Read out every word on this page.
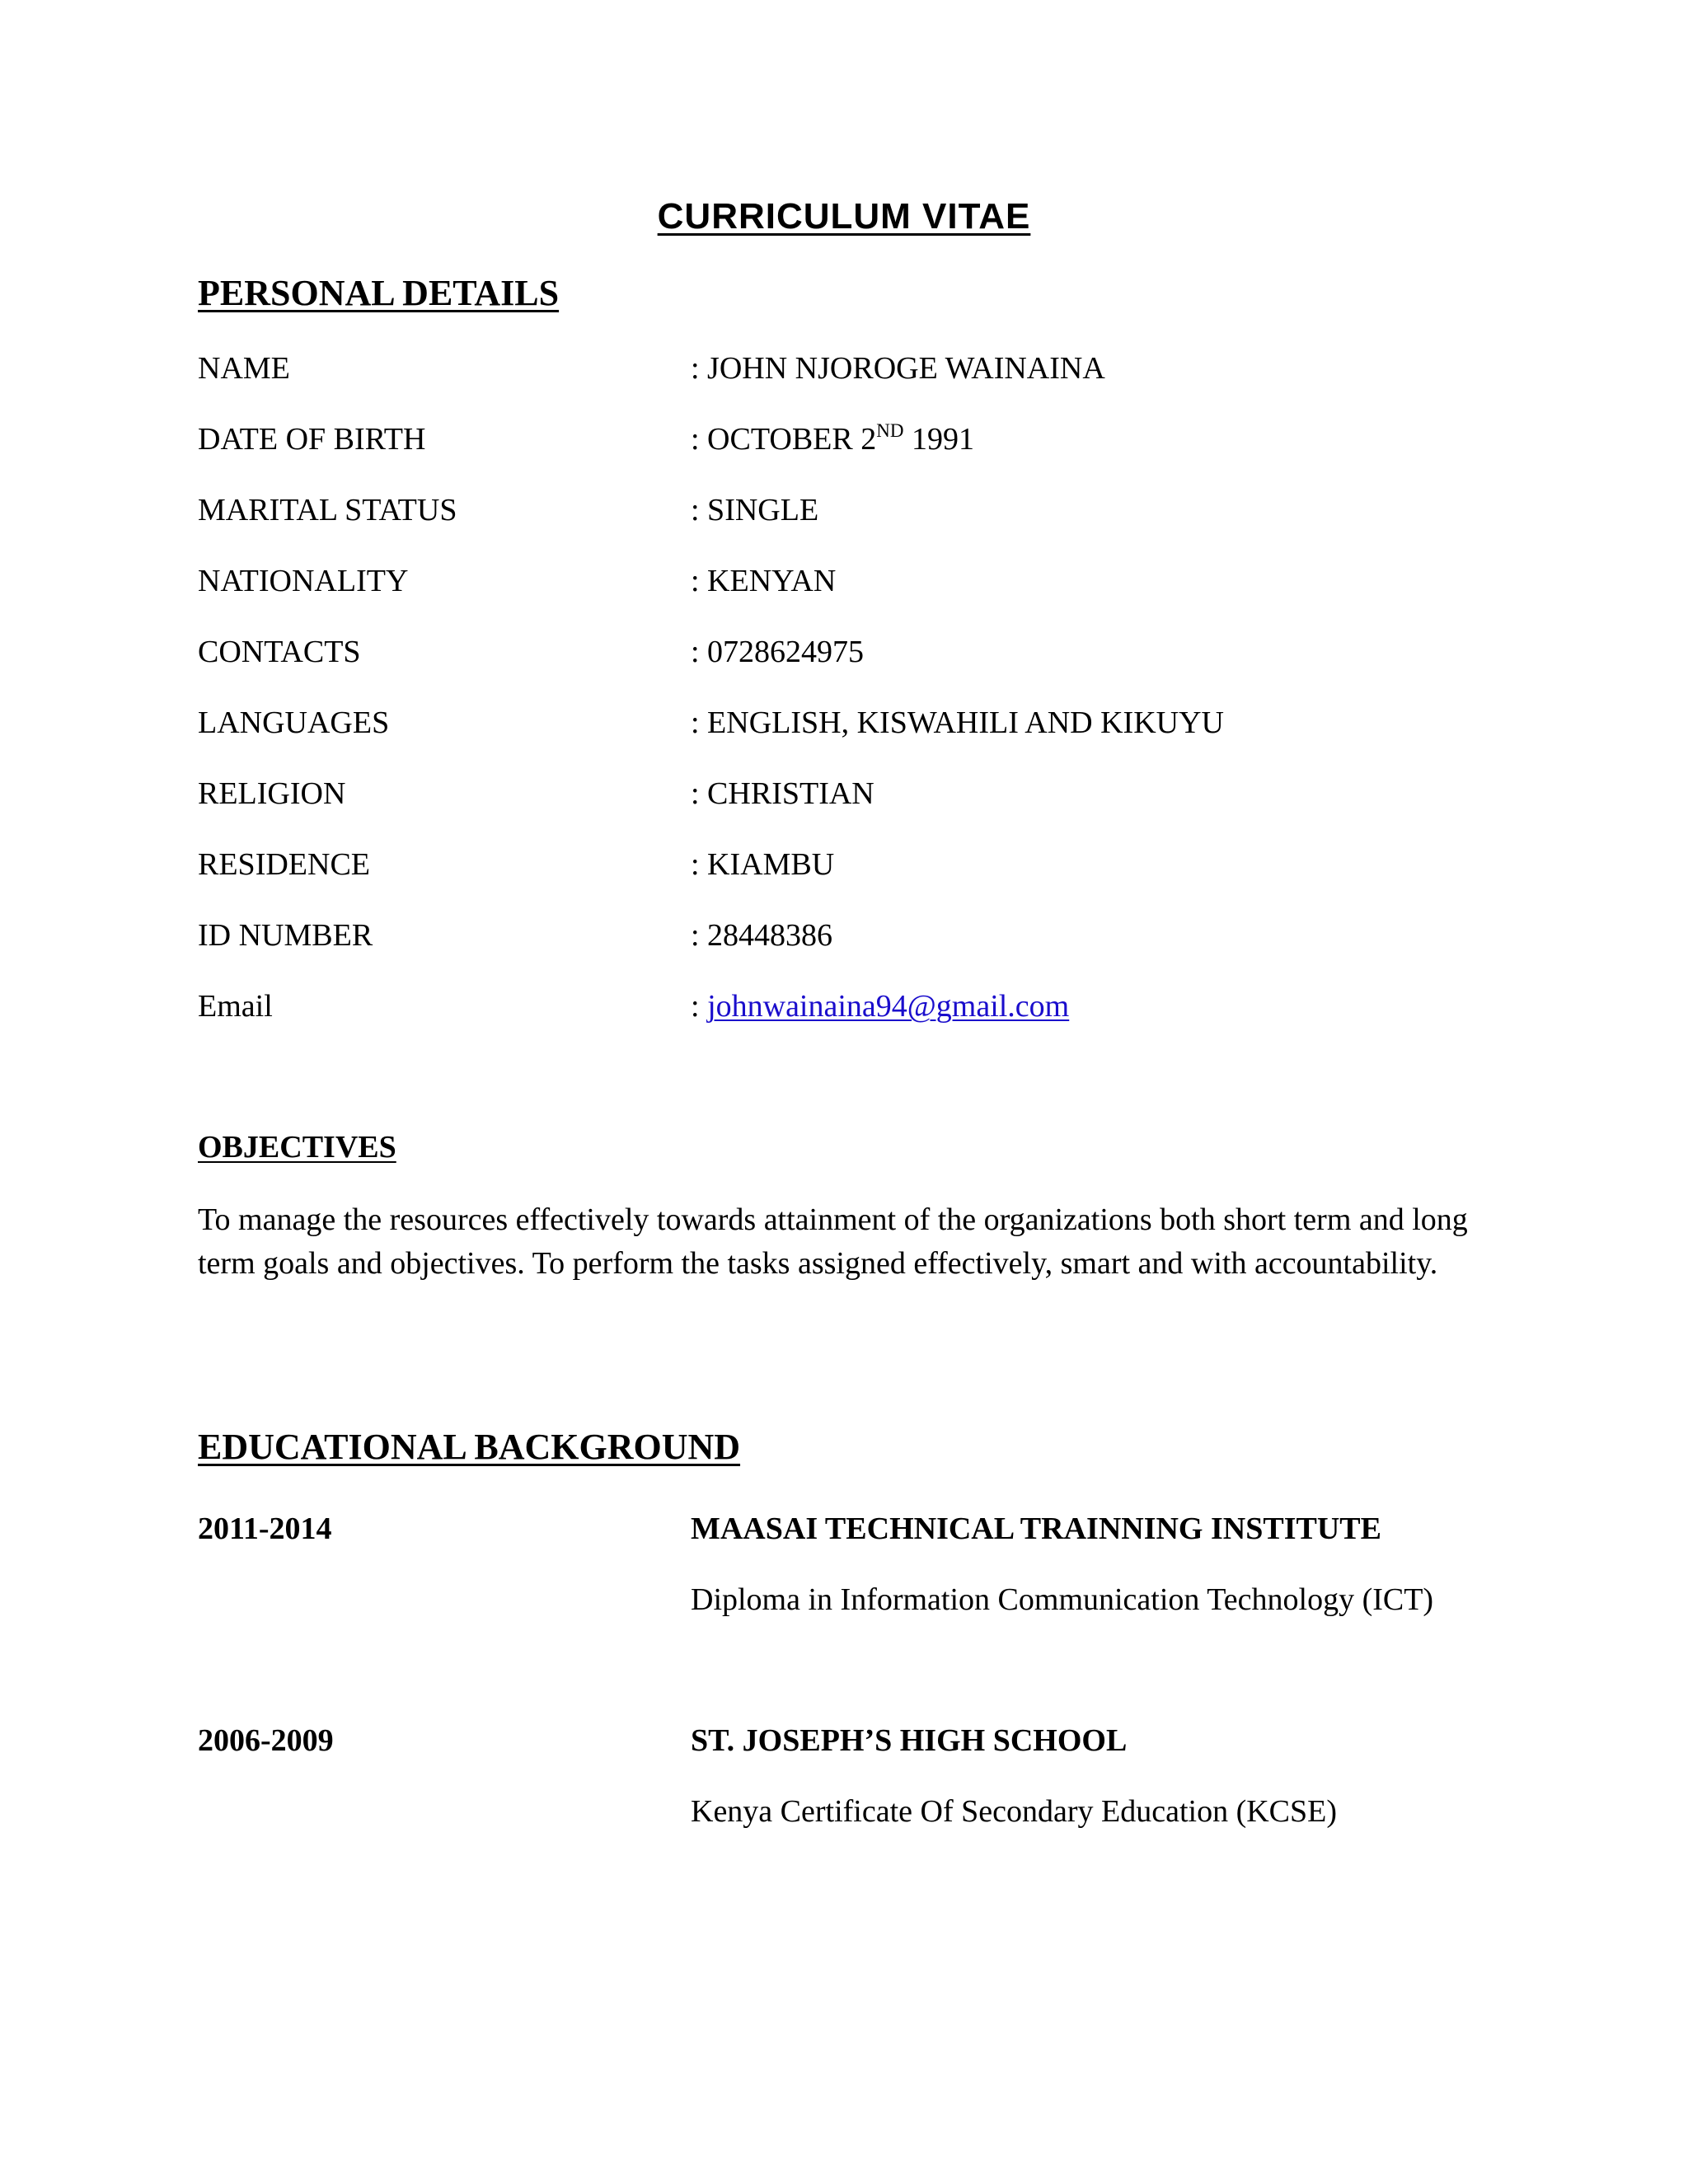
CURRICULUM VITAE
PERSONAL DETAILS
NAME	: JOHN NJOROGE WAINAINA
DATE OF BIRTH	: OCTOBER 2ND 1991
MARITAL STATUS	: SINGLE
NATIONALITY	: KENYAN
CONTACTS	: 0728624975
LANGUAGES	: ENGLISH, KISWAHILI AND KIKUYU
RELIGION	: CHRISTIAN
RESIDENCE	: KIAMBU
ID NUMBER	: 28448386
Email	: johnwainaina94@gmail.com
OBJECTIVES
To manage the resources effectively towards attainment of the organizations both short term and long term goals and objectives. To perform the tasks assigned effectively, smart and with accountability.
EDUCATIONAL BACKGROUND
2011-2014	MAASAI TECHNICAL TRAINNING INSTITUTE
Diploma in Information Communication Technology (ICT)
2006-2009	ST. JOSEPH’S HIGH SCHOOL
Kenya Certificate Of Secondary Education (KCSE)
